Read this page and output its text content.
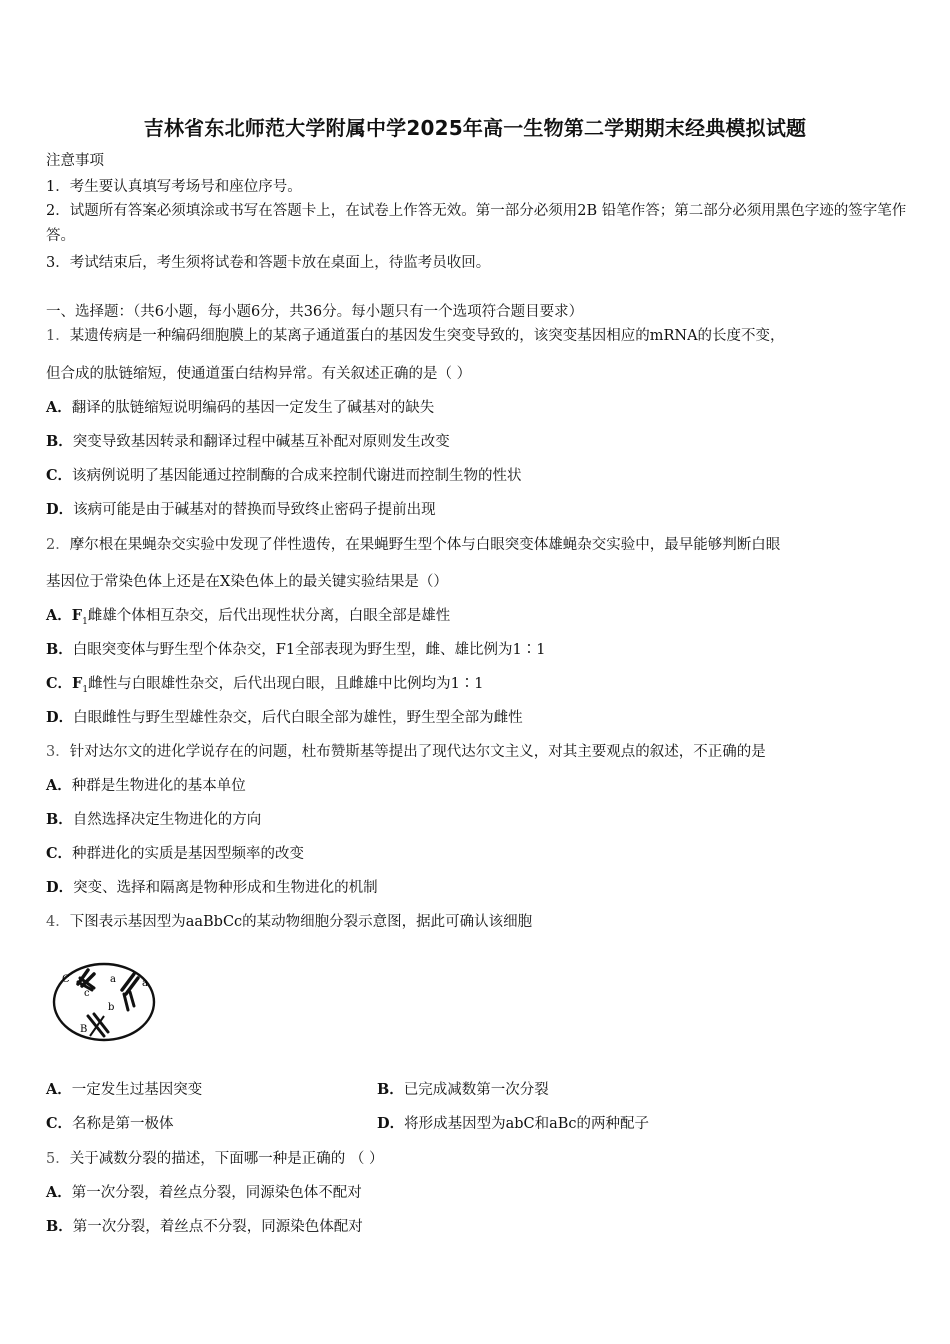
吉林省东北师范大学附属中学2025年高一生物第二学期期末经典模拟试题
注意事项
1．考生要认真填写考场号和座位序号。
2．试题所有答案必须填涂或书写在答题卡上，在试卷上作答无效。第一部分必须用2B 铅笔作答；第二部分必须用黑色字迹的签字笔作答。
3．考试结束后，考生须将试卷和答题卡放在桌面上，待监考员收回。
一、选择题：（共6小题，每小题6分，共36分。每小题只有一个选项符合题目要求）
1．某遗传病是一种编码细胞膜上的某离子通道蛋白的基因发生突变导致的，该突变基因相应的mRNA的长度不变，
但合成的肽链缩短，使通道蛋白结构异常。有关叙述正确的是（ ）
A．翻译的肽链缩短说明编码的基因一定发生了碱基对的缺失
B．突变导致基因转录和翻译过程中碱基互补配对原则发生改变
C．该病例说明了基因能通过控制酶的合成来控制代谢进而控制生物的性状
D．该病可能是由于碱基对的替换而导致终止密码子提前出现
2．摩尔根在果蝇杂交实验中发现了伴性遗传，在果蝇野生型个体与白眼突变体雄蝇杂交实验中，最早能够判断白眼
基因位于常染色体上还是在X染色体上的最关键实验结果是（）
A．$F_1$雌雄个体相互杂交，后代出现性状分离，白眼全部是雄性
B．白眼突变体与野生型个体杂交，F1全部表现为野生型，雌、雄比例为1∶1
C．$F_1$雌性与白眼雄性杂交，后代出现白眼，且雌雄中比例均为1∶1
D．白眼雌性与野生型雄性杂交，后代白眼全部为雄性，野生型全部为雌性
3．针对达尔文的进化学说存在的问题，杜布赞斯基等提出了现代达尔文主义，对其主要观点的叙述，不正确的是
A．种群是生物进化的基本单位
B．自然选择决定生物进化的方向
C．种群进化的实质是基因型频率的改变
D．突变、选择和隔离是物种形成和生物进化的机制
4．下图表示基因型为aaBbCc的某动物细胞分裂示意图，据此可确认该细胞
C
c
a	a
b
B
A．一定发生过基因突变	B．已完成减数第一次分裂
C．名称是第一极体	D．将形成基因型为abC和aBc的两种配子
5．关于减数分裂的描述，下面哪一种是正确的 （ ）
A．第一次分裂，着丝点分裂，同源染色体不配对
B．第一次分裂，着丝点不分裂，同源染色体配对
